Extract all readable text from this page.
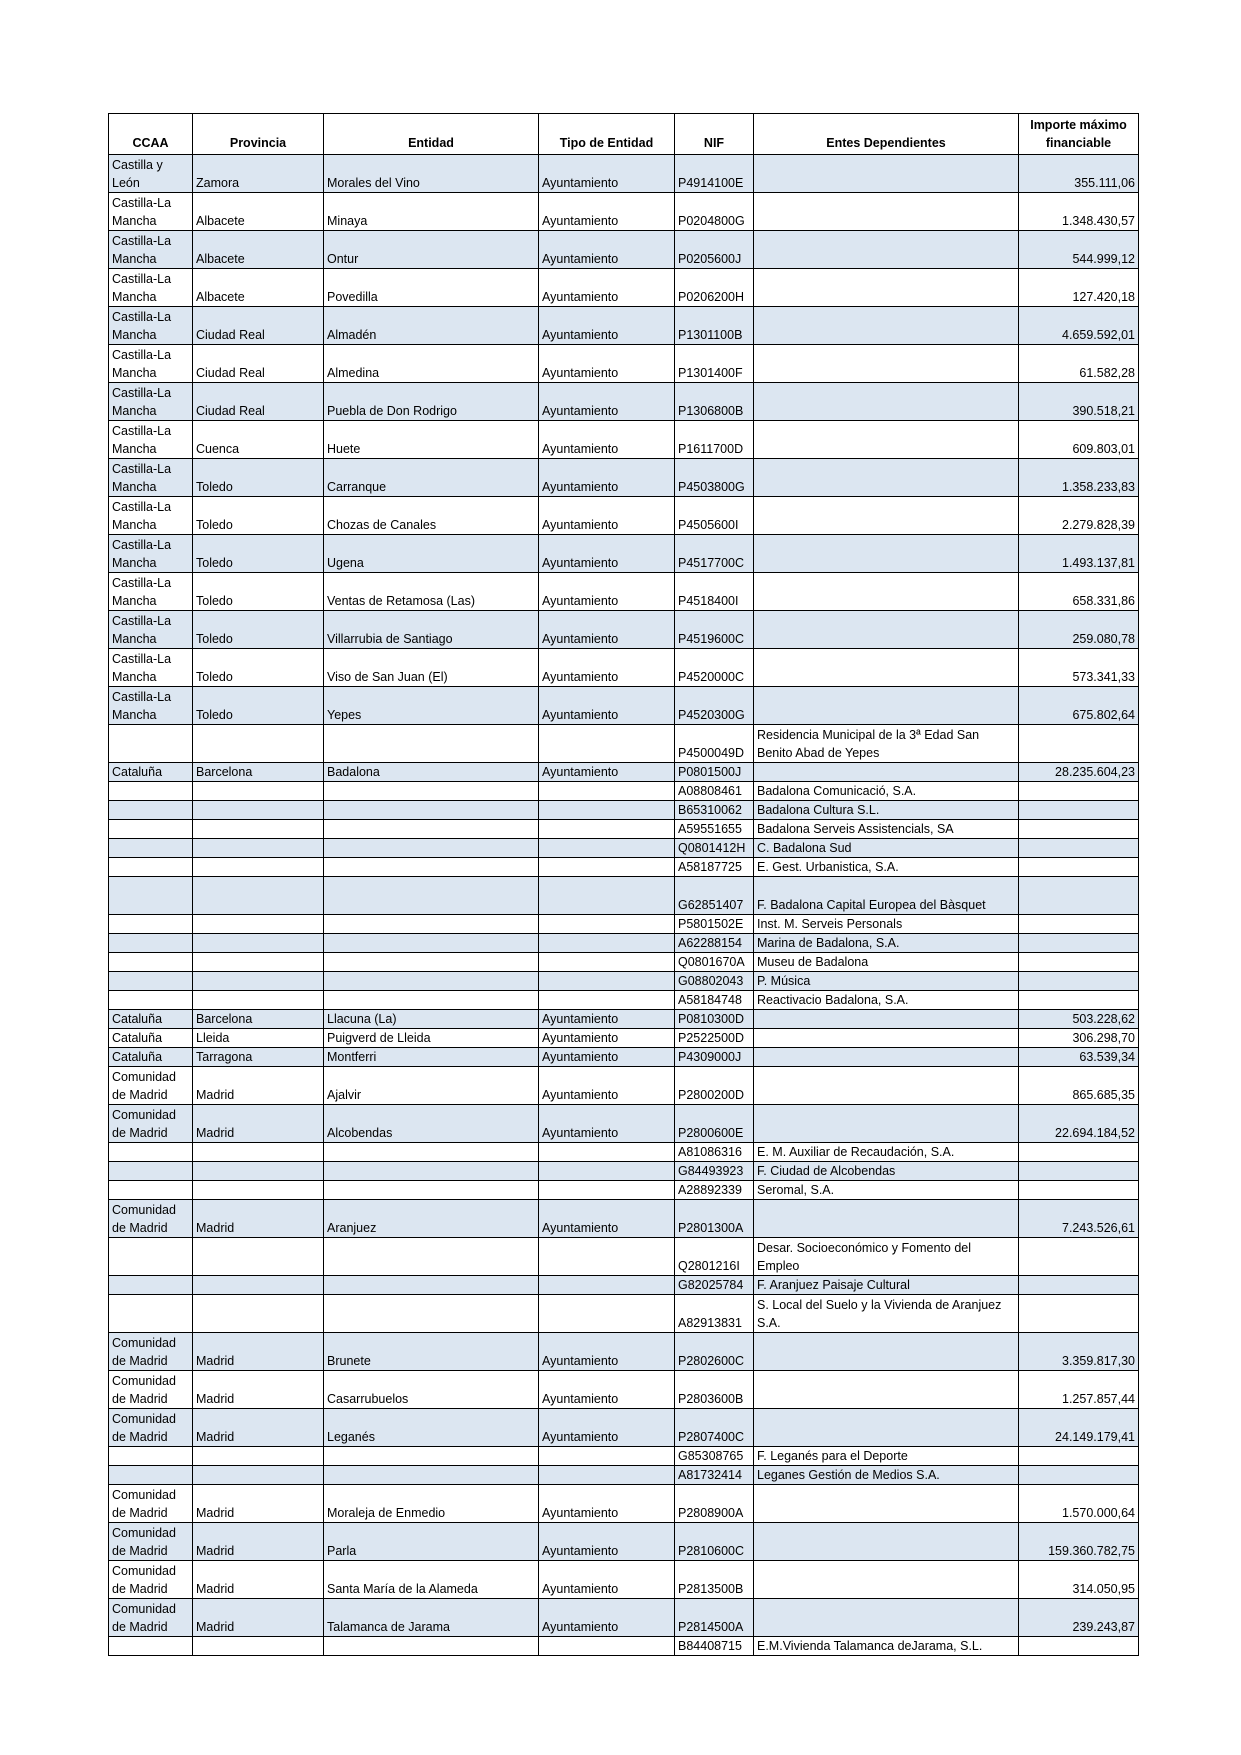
CCAA	Provincia	Entidad	Tipo de Entidad	NIF	Entes Dependientes	Importe máximo financiable
Castilla y León	Zamora	Morales del Vino	Ayuntamiento	P4914100E		355.111,06
Castilla-La Mancha	Albacete	Minaya	Ayuntamiento	P0204800G		1.348.430,57
Castilla-La Mancha	Albacete	Ontur	Ayuntamiento	P0205600J		544.999,12
Castilla-La Mancha	Albacete	Povedilla	Ayuntamiento	P0206200H		127.420,18
Castilla-La Mancha	Ciudad Real	Almadén	Ayuntamiento	P1301100B		4.659.592,01
Castilla-La Mancha	Ciudad Real	Almedina	Ayuntamiento	P1301400F		61.582,28
Castilla-La Mancha	Ciudad Real	Puebla de Don Rodrigo	Ayuntamiento	P1306800B		390.518,21
Castilla-La Mancha	Cuenca	Huete	Ayuntamiento	P1611700D		609.803,01
Castilla-La Mancha	Toledo	Carranque	Ayuntamiento	P4503800G		1.358.233,83
Castilla-La Mancha	Toledo	Chozas de Canales	Ayuntamiento	P4505600I		2.279.828,39
Castilla-La Mancha	Toledo	Ugena	Ayuntamiento	P4517700C		1.493.137,81
Castilla-La Mancha	Toledo	Ventas de Retamosa (Las)	Ayuntamiento	P4518400I		658.331,86
Castilla-La Mancha	Toledo	Villarrubia de Santiago	Ayuntamiento	P4519600C		259.080,78
Castilla-La Mancha	Toledo	Viso de San Juan (El)	Ayuntamiento	P4520000C		573.341,33
Castilla-La Mancha	Toledo	Yepes	Ayuntamiento	P4520300G		675.802,64
				P4500049D	Residencia Municipal de la 3ª Edad San Benito Abad de Yepes	
Cataluña	Barcelona	Badalona	Ayuntamiento	P0801500J		28.235.604,23
				A08808461	Badalona Comunicació, S.A.	
				B65310062	Badalona Cultura S.L.	
				A59551655	Badalona Serveis Assistencials, SA	
				Q0801412H	C. Badalona Sud	
				A58187725	E. Gest. Urbanistica, S.A.	
				G62851407	F. Badalona Capital Europea del Bàsquet	
				P5801502E	Inst. M. Serveis Personals	
				A62288154	Marina de Badalona, S.A.	
				Q0801670A	Museu de Badalona	
				G08802043	P. Música	
				A58184748	Reactivacio Badalona, S.A.	
Cataluña	Barcelona	Llacuna (La)	Ayuntamiento	P0810300D		503.228,62
Cataluña	Lleida	Puigverd de Lleida	Ayuntamiento	P2522500D		306.298,70
Cataluña	Tarragona	Montferri	Ayuntamiento	P4309000J		63.539,34
Comunidad de Madrid	Madrid	Ajalvir	Ayuntamiento	P2800200D		865.685,35
Comunidad de Madrid	Madrid	Alcobendas	Ayuntamiento	P2800600E		22.694.184,52
				A81086316	E. M. Auxiliar de Recaudación, S.A.	
				G84493923	F. Ciudad de Alcobendas	
				A28892339	Seromal, S.A.	
Comunidad de Madrid	Madrid	Aranjuez	Ayuntamiento	P2801300A		7.243.526,61
				Q2801216I	Desar. Socioeconómico y Fomento del Empleo	
				G82025784	F. Aranjuez Paisaje Cultural	
				A82913831	S. Local del Suelo y la Vivienda de Aranjuez S.A.	
Comunidad de Madrid	Madrid	Brunete	Ayuntamiento	P2802600C		3.359.817,30
Comunidad de Madrid	Madrid	Casarrubuelos	Ayuntamiento	P2803600B		1.257.857,44
Comunidad de Madrid	Madrid	Leganés	Ayuntamiento	P2807400C		24.149.179,41
				G85308765	F. Leganés para el Deporte	
				A81732414	Leganes Gestión de Medios S.A.	
Comunidad de Madrid	Madrid	Moraleja de Enmedio	Ayuntamiento	P2808900A		1.570.000,64
Comunidad de Madrid	Madrid	Parla	Ayuntamiento	P2810600C		159.360.782,75
Comunidad de Madrid	Madrid	Santa María de la Alameda	Ayuntamiento	P2813500B		314.050,95
Comunidad de Madrid	Madrid	Talamanca de Jarama	Ayuntamiento	P2814500A		239.243,87
				B84408715	E.M.Vivienda Talamanca deJarama, S.L.	
